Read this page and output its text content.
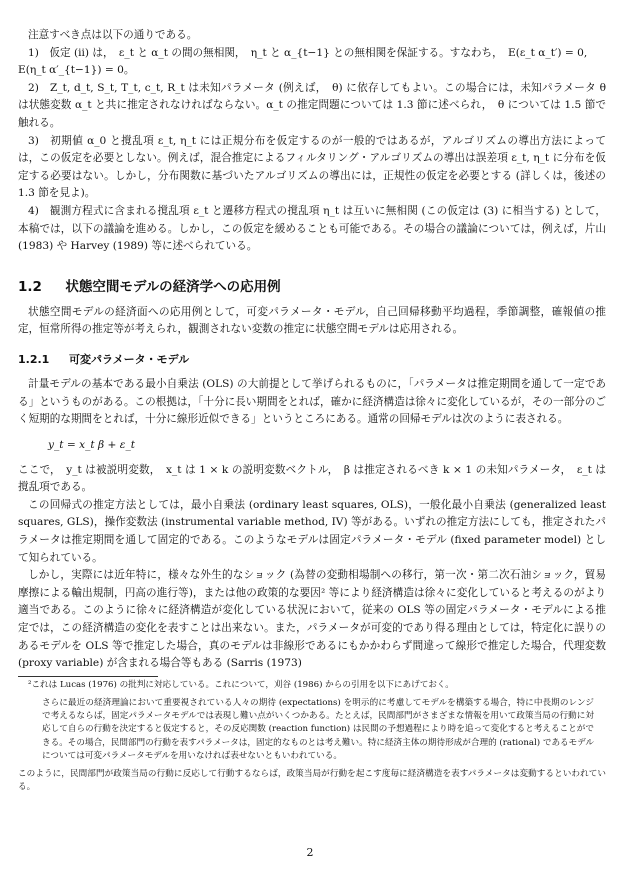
注意すべき点は以下の通りである。

1)　仮定 (ii) は，　ε_t と α_t の間の無相関，　η_t と α_{t−1} との無相関を保証する。すなわち，　E(ε_t α_t′) = 0,

E(η_t α′_{t−1}) = 0。

2)　Z_t, d_t, S_t, T_t, c_t, R_t は未知パラメータ (例えば，　θ) に依存してもよい。この場合には，未知パラメータ θ は状態変数 α_t と共に推定されなければならない。α_t の推定問題については 1.3 節に述べられ，　θ については 1.5 節で触れる。

3)　初期値 α_0 と撹乱項 ε_t, η_t には正規分布を仮定するのが一般的ではあるが，アルゴリズムの導出方法によっては，この仮定を必要としない。例えば，混合推定によるフィルタリング・アルゴリズムの導出は誤差項 ε_t, η_t に分布を仮定する必要はない。しかし，分布関数に基づいたアルゴリズムの導出には，正規性の仮定を必要とする (詳しくは，後述の 1.3 節を見よ)。

4)　観測方程式に含まれる撹乱項 ε_t と遷移方程式の撹乱項 η_t は互いに無相関 (この仮定は (3) に相当する) として，本稿では，以下の議論を進める。しかし，この仮定を緩めることも可能である。その場合の議論については，例えば，片山 (1983) や Harvey (1989) 等に述べられている。

1.2 状態空間モデルの経済学への応用例

状態空間モデルの経済面への応用例として，可変パラメータ・モデル，自己回帰移動平均過程，季節調整，確報値の推定，恒常所得の推定等が考えられ，観測されない変数の推定に状態空間モデルは応用される。

1.2.1 可変パラメータ・モデル

計量モデルの基本である最小自乗法 (OLS) の大前提として挙げられるものに，「パラメータは推定期間を通して一定である」というものがある。この根拠は，「十分に長い期間をとれば，確かに経済構造は徐々に変化しているが，その一部分のごく短期的な期間をとれば，十分に線形近似できる」というところにある。通常の回帰モデルは次のように表される。

y_t = x_t β + ε_t

ここで，　y_t は被説明変数，　x_t は 1 × k の説明変数ベクトル，　β は推定されるべき k × 1 の未知パラメータ，　ε_t は撹乱項である。

この回帰式の推定方法としては，最小自乗法 (ordinary least squares, OLS)，一般化最小自乗法 (generalized least squares, GLS)，操作変数法 (instrumental variable method, IV) 等がある。いずれの推定方法にしても，推定されたパラメータは推定期間を通して固定的である。このようなモデルは固定パラメータ・モデル (fixed parameter model) として知られている。

しかし，実際には近年特に，様々な外生的なショック (為替の変動相場制への移行，第一次・第二次石油ショック，貿易摩擦による輸出規制，円高の進行等)，または他の政策的な要因² 等により経済構造は徐々に変化していると考えるのがより適当である。このように徐々に経済構造が変化している状況において，従来の OLS 等の固定パラメータ・モデルによる推定では，この経済構造の変化を表すことは出来ない。また，パラメータが可変的であり得る理由としては，特定化に誤りのあるモデルを OLS 等で推定した場合，真のモデルは非線形であるにもかかわらず間違って線形で推定した場合，代理変数 (proxy variable) が含まれる場合等もある (Sarris (1973)

²これは Lucas (1976) の批判に対応している。これについて，刈谷 (1986) からの引用を以下にあげておく。

さらに最近の経済理論において重要視されている人々の期待 (expectations) を明示的に考慮してモデルを構築する場合，特に中長期のレンジで考えるならば，固定パラメータモデルでは表現し難い点がいくつかある。たとえば，民間部門がさまざまな情報を用いて政策当局の行動に対応して自らの行動を決定すると仮定すると，その反応関数 (reaction function) は民間の予想過程により時を追って変化すると考えることができる。その場合，民間部門の行動を表すパラメータは，固定的なものとは考え難い。特に経済主体の期待形成が合理的 (rational) であるモデルについては可変パラメータモデルを用いなければ表せないともいわれている。

このように，民間部門が政策当局の行動に反応して行動するならば，政策当局が行動を起こす度毎に経済構造を表すパラメータは変動するといわれている。

2
